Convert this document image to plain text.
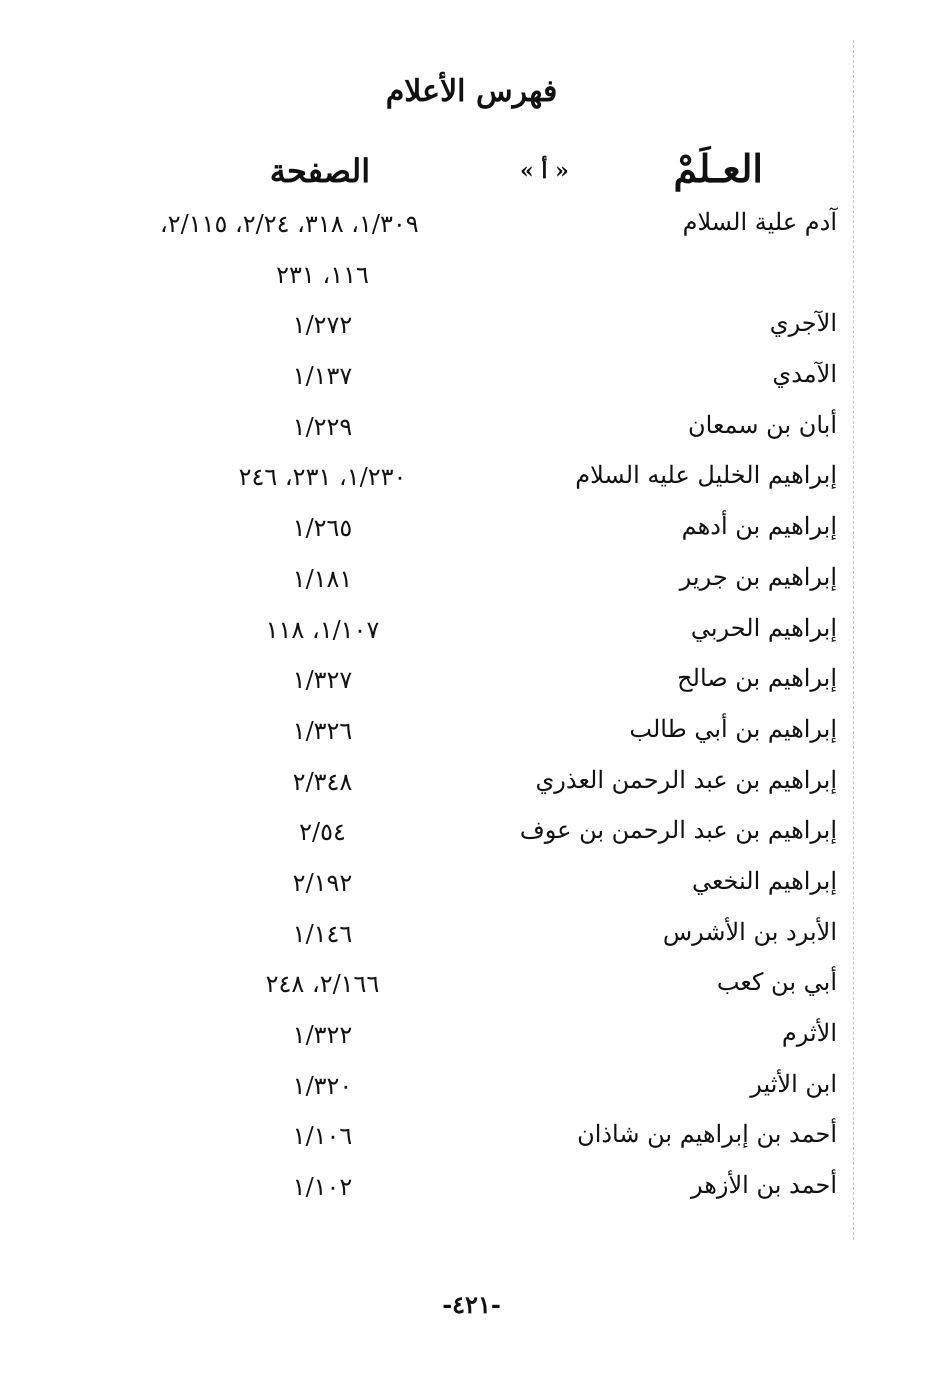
فهرس الأعلام
العـلَمْ
« أ »
الصفحة
آدم علية السلام
١/٣٠٩، ٣١٨، ٢/٢٤، ٢/١١٥،
١١٦، ٢٣١
الآجري
١/٢٧٢
الآمدي
١/١٣٧
أبان بن سمعان
١/٢٢٩
إبراهيم الخليل عليه السلام
١/٢٣٠، ٢٣١، ٢٤٦
إبراهيم بن أدهم
١/٢٦٥
إبراهيم بن جرير
١/١٨١
إبراهيم الحربي
١/١٠٧، ١١٨
إبراهيم بن صالح
١/٣٢٧
إبراهيم بن أبي طالب
١/٣٢٦
إبراهيم بن عبد الرحمن العذري
٢/٣٤٨
إبراهيم بن عبد الرحمن بن عوف
٢/٥٤
إبراهيم النخعي
٢/١٩٢
الأبرد بن الأشرس
١/١٤٦
أبي بن كعب
٢/١٦٦، ٢٤٨
الأثرم
١/٣٢٢
ابن الأثير
١/٣٢٠
أحمد بن إبراهيم بن شاذان
١/١٠٦
أحمد بن الأزهر
١/١٠٢
-٤٢١-
